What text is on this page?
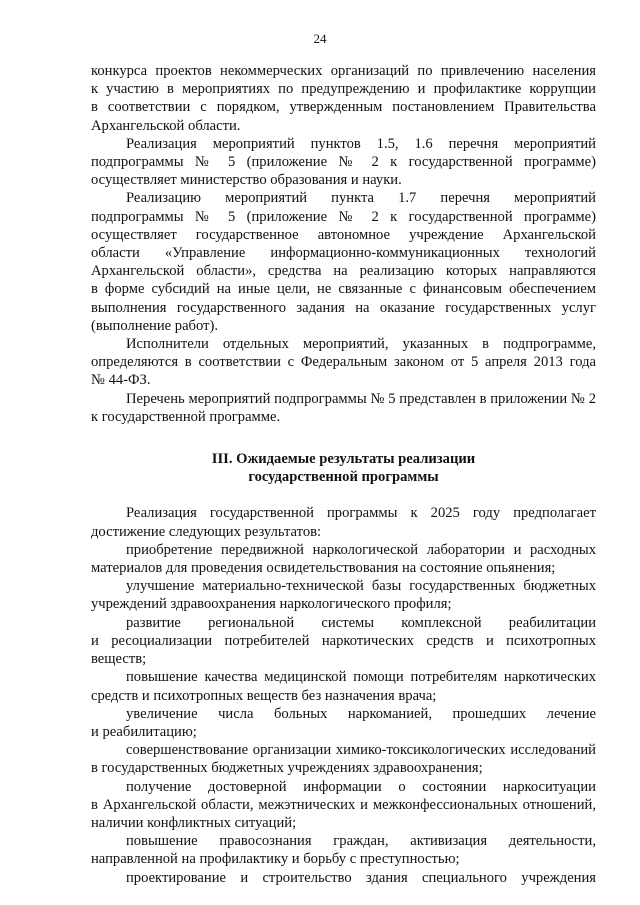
24
конкурса проектов некоммерческих организаций по привлечению населения
к участию в мероприятиях по предупреждению и профилактике коррупции
в соответствии с порядком, утвержденным постановлением Правительства
Архангельской области.
Реализация мероприятий пунктов 1.5, 1.6 перечня мероприятий
подпрограммы № 5 (приложение № 2 к государственной программе)
осуществляет министерство образования и науки.
Реализацию мероприятий пункта 1.7 перечня мероприятий
подпрограммы № 5 (приложение № 2 к государственной программе)
осуществляет государственное автономное учреждение Архангельской
области «Управление информационно-коммуникационных технологий
Архангельской области», средства на реализацию которых направляются
в форме субсидий на иные цели, не связанные с финансовым обеспечением
выполнения государственного задания на оказание государственных услуг
(выполнение работ).
Исполнители отдельных мероприятий, указанных в подпрограмме,
определяются в соответствии с Федеральным законом от 5 апреля 2013 года
№ 44-ФЗ.
Перечень мероприятий подпрограммы № 5 представлен в приложении № 2
к государственной программе.
III. Ожидаемые результаты реализации
государственной программы
Реализация государственной программы к 2025 году предполагает
достижение следующих результатов:
приобретение передвижной наркологической лаборатории и расходных
материалов для проведения освидетельствования на состояние опьянения;
улучшение материально-технической базы государственных бюджетных
учреждений здравоохранения наркологического профиля;
развитие региональной системы комплексной реабилитации
и ресоциализации потребителей наркотических средств и психотропных
веществ;
повышение качества медицинской помощи потребителям наркотических
средств и психотропных веществ без назначения врача;
увеличение числа больных наркоманией, прошедших лечение
и реабилитацию;
совершенствование организации химико-токсикологических исследований
в государственных бюджетных учреждениях здравоохранения;
получение достоверной информации о состоянии наркоситуации
в Архангельской области, межэтнических и межконфессиональных отношений,
наличии конфликтных ситуаций;
повышение правосознания граждан, активизация деятельности,
направленной на профилактику и борьбу с преступностью;
проектирование и строительство здания специального учреждения
